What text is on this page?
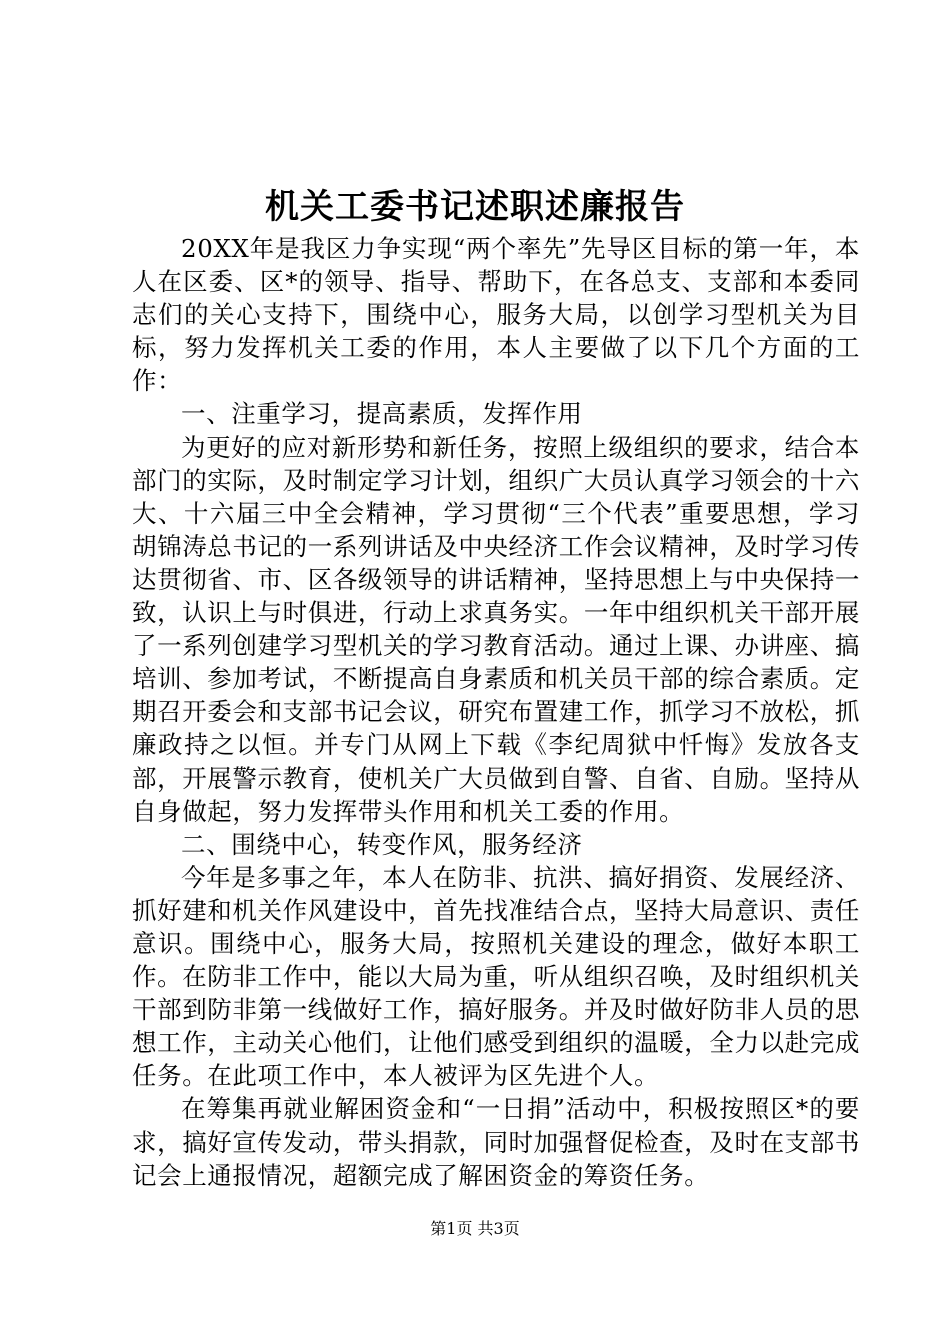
机关工委书记述职述廉报告

20XX年是我区力争实现“两个率先”先导区目标的第一年，本人在区委、区*的领导、指导、帮助下，在各总支、支部和本委同志们的关心支持下，围绕中心，服务大局，以创学习型机关为目标，努力发挥机关工委的作用，本人主要做了以下几个方面的工作：

一、注重学习，提高素质，发挥作用

为更好的应对新形势和新任务，按照上级组织的要求，结合本部门的实际，及时制定学习计划，组织广大员认真学习领会的十六大、十六届三中全会精神，学习贯彻“三个代表”重要思想，学习胡锦涛总书记的一系列讲话及中央经济工作会议精神，及时学习传达贯彻省、市、区各级领导的讲话精神，坚持思想上与中央保持一致，认识上与时俱进，行动上求真务实。一年中组织机关干部开展了一系列创建学习型机关的学习教育活动。通过上课、办讲座、搞培训、参加考试，不断提高自身素质和机关员干部的综合素质。定期召开委会和支部书记会议，研究布置建工作，抓学习不放松，抓廉政持之以恒。并专门从网上下载《李纪周狱中忏悔》发放各支部，开展警示教育，使机关广大员做到自警、自省、自励。坚持从自身做起，努力发挥带头作用和机关工委的作用。

二、围绕中心，转变作风，服务经济

今年是多事之年，本人在防非、抗洪、搞好捐资、发展经济、抓好建和机关作风建设中，首先找准结合点，坚持大局意识、责任意识。围绕中心，服务大局，按照机关建设的理念，做好本职工作。在防非工作中，能以大局为重，听从组织召唤，及时组织机关干部到防非第一线做好工作，搞好服务。并及时做好防非人员的思想工作，主动关心他们，让他们感受到组织的温暖，全力以赴完成任务。在此项工作中，本人被评为区先进个人。

在筹集再就业解困资金和“一日捐”活动中，积极按照区*的要求，搞好宣传发动，带头捐款，同时加强督促检查，及时在支部书记会上通报情况，超额完成了解困资金的筹资任务。

第1页 共3页
